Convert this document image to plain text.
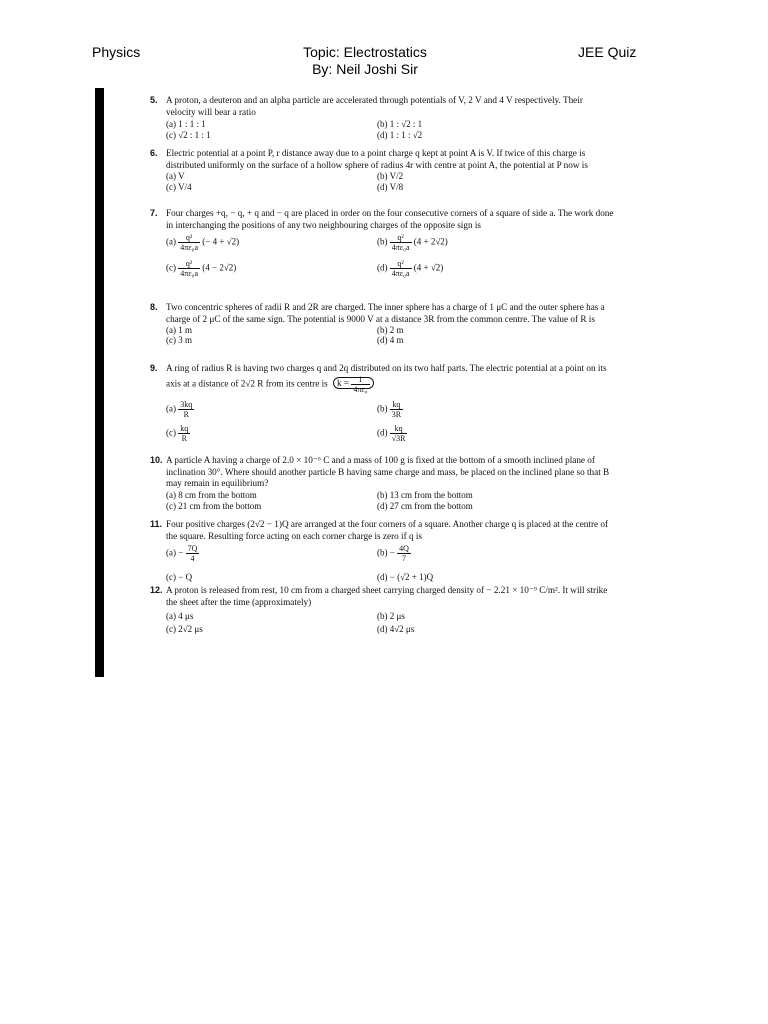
Physics	Topic: Electrostatics
By: Neil Joshi Sir
JEE Quiz
5. A proton, a deuteron and an alpha particle are accelerated through potentials of V, 2 V and 4 V respectively. Their velocity will bear a ratio
(a) 1 : 1 : 1	(b) 1 : √2 : 1
(c) √2 : 1 : 1	(d) 1 : 1 : √2
6. Electric potential at a point P, r distance away due to a point charge q kept at point A is V. If twice of this charge is distributed uniformly on the surface of a hollow sphere of radius 4r with centre at point A, the potential at P now is
(a) V	(b) V/2
(c) V/4	(d) V/8
7. Four charges +q, − q, + q and − q are placed in order on the four consecutive corners of a square of side a. The work done in interchanging the positions of any two neighbouring charges of the opposite sign is
$(a) \frac{\text{q²}}{\text{4πε₀a}}$ (− 4 + √2)	$(b) \frac{\text{q²}}{\text{4πε₀a}} (4 + 2√2)$
$(c) \frac{\text{q²}}{\text{4πε₀a}} (4 - 2√2)$	$(d) \frac{\text{q²}}{\text{4πε₀a}} (4 + √2)$
8. Two concentric spheres of radii R and 2R are charged. The inner sphere has a charge of 1 μC and the outer sphere has a charge of 2 μC of the same sign. The potential is 9000 V at a distance 3R from the common centre. The value of R is
(a) 1 m	(b) 2 m
(c) 3 m	(d) 4 m
9. A ring of radius R is having two charges q and 2q distributed on its two half parts. The electric potential at a point on its axis at a distance of 2√2 R from its centre is $k = \frac{1}{\text{4πε₀}}$
$(a) \frac{3kq}{R}$	$(b) \frac{kq}{3R}$
$(c) \frac{kq}{R}$	$(d) \frac{kq}{√3R}$
10. A particle A having a charge of 2.0 × 10⁻⁶ C and a mass of 100 g is fixed at the bottom of a smooth inclined plane of inclination 30°. Where should another particle B having same charge and mass, be placed on the inclined plane so that B may remain in equilibrium?
(a) 8 cm from the bottom	(b) 13 cm from the bottom
(c) 21 cm from the bottom	(d) 27 cm from the bottom
11. Four positive charges (2√2 − 1)Q are arranged at the four corners of a square. Another charge q is placed at the centre of the square. Resulting force acting on each corner charge is zero if q is
$(a) - \frac{7Q}{4}$	$(b) - \frac{4Q}{7}$
(c) − Q	(d) − (√2 + 1)Q
12. A proton is released from rest, 10 cm from a charged sheet carrying charged density of − 2.21 × 10⁻⁹ C/m². It will strike the sheet after the time (approximately)
(a) 4 μs	(b) 2 μs
(c) 2√2 μs	(d) 4√2 μs
